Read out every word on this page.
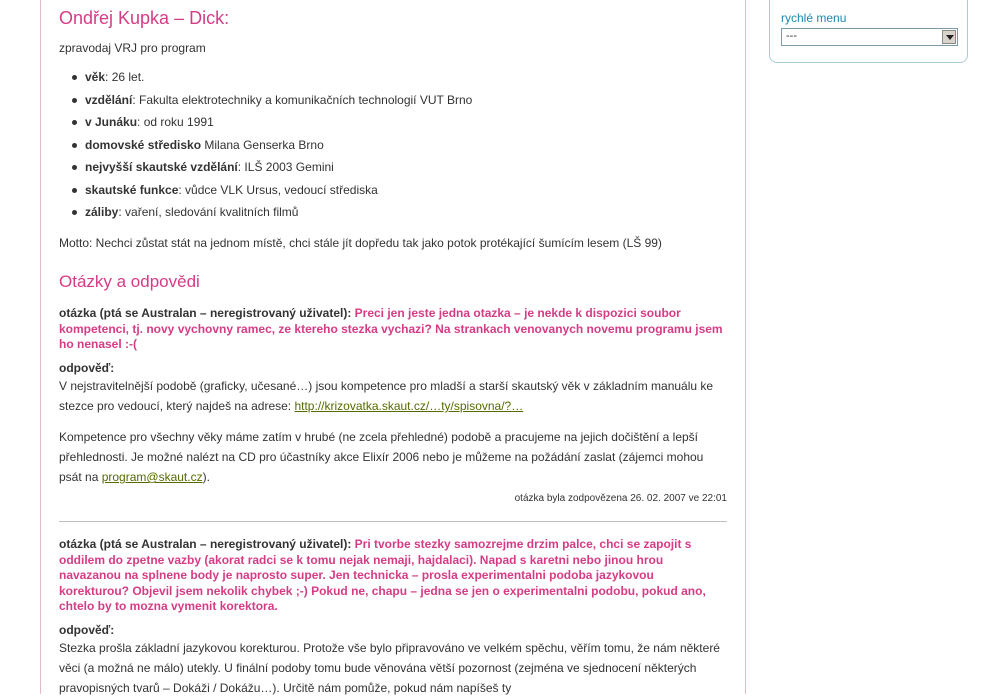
Ondřej Kupka – Dick:
zpravodaj VRJ pro program
věk: 26 let.
vzdělání: Fakulta elektrotechniky a komunikačních technologií VUT Brno
v Junáku: od roku 1991
domovské středisko Milana Genserka Brno
nejvyšší skautské vzdělání: ILŠ 2003 Gemini
skautské funkce: vůdce VLK Ursus, vedoucí střediska
záliby: vaření, sledování kvalitních filmů
Motto: Nechci zůstat stát na jednom místě, chci stále jít dopředu tak jako potok protékající šumícím lesem (LŠ 99)
Otázky a odpovědi
otázka (ptá se Australan – neregistrovaný uživatel): Preci jen jeste jedna otazka – je nekde k dispozici soubor kompetenci, tj. novy vychovny ramec, ze ktereho stezka vychazi? Na strankach venovanych novemu programu jsem ho nenasel :-(
odpověď:
V nejstravitelnější podobě (graficky, učesané…) jsou kompetence pro mladší a starší skautský věk v základním manuálu ke stezce pro vedoucí, který najdeš na adrese: http://krizovatka.skaut.cz/…ty/spisovna/?…
Kompetence pro všechny věky máme zatím v hrubé (ne zcela přehledné) podobě a pracujeme na jejich dočištění a lepší přehlednosti. Je možné nalézt na CD pro účastníky akce Elixír 2006 nebo je můžeme na požádání zaslat (zájemci mohou psát na program@skaut.cz).
otázka byla zodpovězena 26. 02. 2007 ve 22:01
otázka (ptá se Australan – neregistrovaný uživatel): Pri tvorbe stezky samozrejme drzim palce, chci se zapojit s oddilem do zpetne vazby (akorat radci se k tomu nejak nemaji, hajdalaci). Napad s karetni nebo jinou hrou navazanou na splnene body je naprosto super. Jen technicka – prosla experimentalni podoba jazykovou korekturou? Objevil jsem nekolik chybek ;-) Pokud ne, chapu – jedna se jen o experimentalni podobu, pokud ano, chtelo by to mozna vymenit korektora.
odpověď:
Stezka prošla základní jazykovou korekturou. Protože vše bylo připravováno ve velkém spěchu, věřím tomu, že nám některé věci (a možná ne málo) utekly. U finální podoby tomu bude věnována větší pozornost (zejména ve sjednocení některých pravopisných tvarů – Dokáži / Dokážu…). Určitě nám pomůže, pokud nám napíšeš ty
rychlé menu
---
